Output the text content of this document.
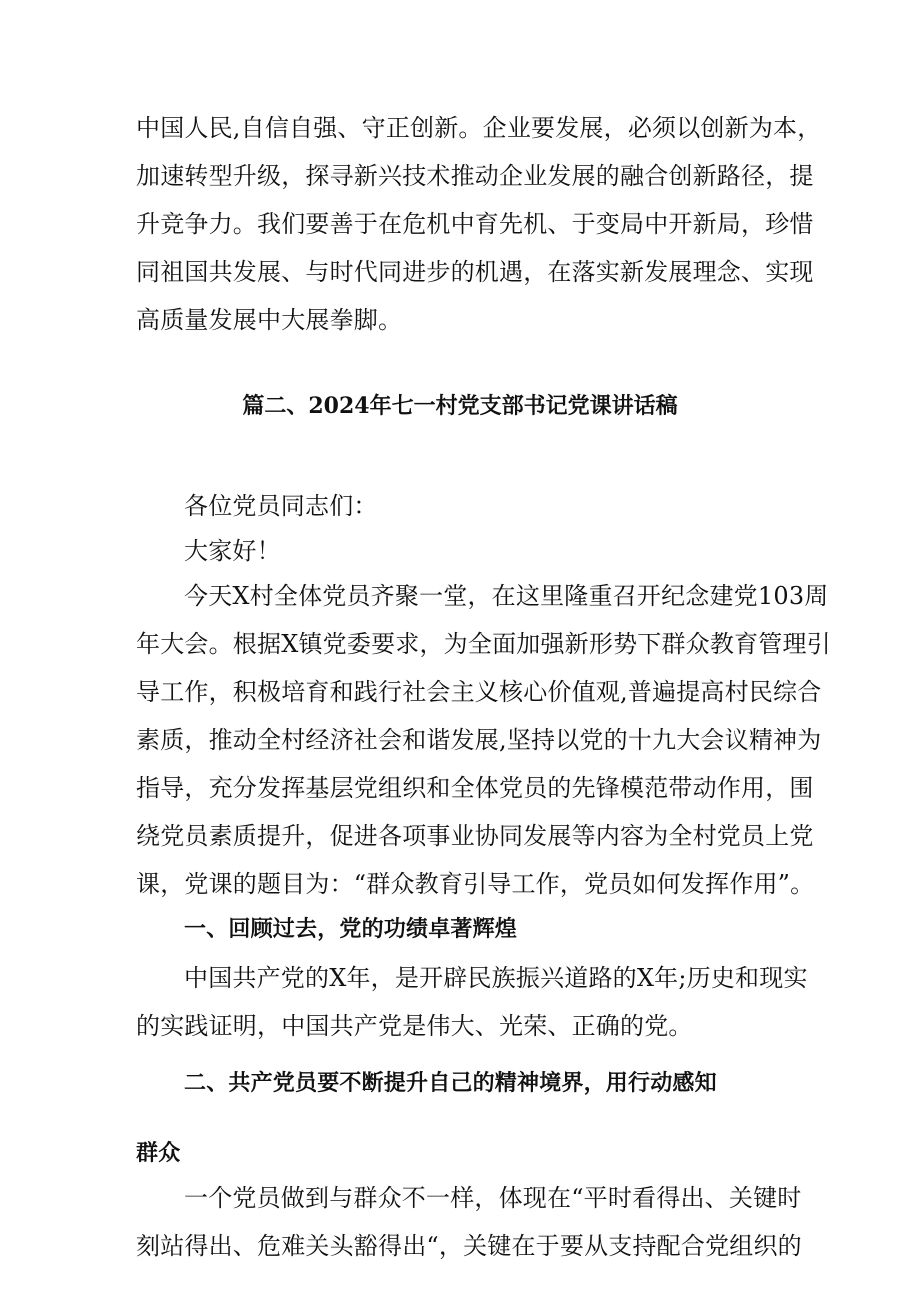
中国人民,自信自强、守正创新。企业要发展，必须以创新为本，
加速转型升级，探寻新兴技术推动企业发展的融合创新路径，提
升竞争力。我们要善于在危机中育先机、于变局中开新局，珍惜
同祖国共发展、与时代同进步的机遇，在落实新发展理念、实现
高质量发展中大展拳脚。
篇二、2024年七一村党支部书记党课讲话稿
各位党员同志们：
大家好！
今天X村全体党员齐聚一堂，在这里隆重召开纪念建党103周
年大会。根据X镇党委要求，为全面加强新形势下群众教育管理引
导工作，积极培育和践行社会主义核心价值观,普遍提高村民综合
素质，推动全村经济社会和谐发展,坚持以党的十九大会议精神为
指导，充分发挥基层党组织和全体党员的先锋模范带动作用，围
绕党员素质提升，促进各项事业协同发展等内容为全村党员上党
课，党课的题目为：“群众教育引导工作，党员如何发挥作用”。
一、回顾过去，党的功绩卓著辉煌
中国共产党的X年，是开辟民族振兴道路的X年;历史和现实
的实践证明，中国共产党是伟大、光荣、正确的党。
二、共产党员要不断提升自己的精神境界，用行动感知
群众
一个党员做到与群众不一样，体现在“平时看得出、关键时
刻站得出、危难关头豁得出“，关键在于要从支持配合党组织的
